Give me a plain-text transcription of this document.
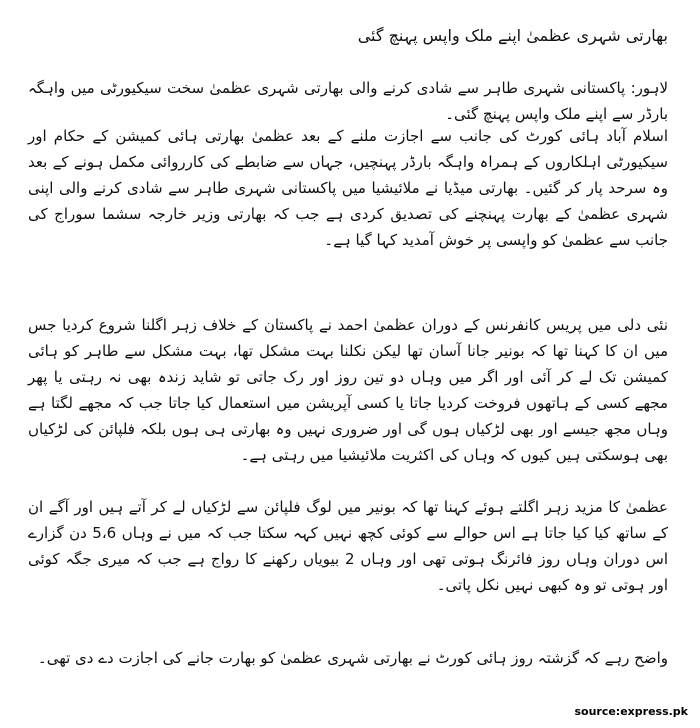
بھارتی شہری عظمیٰ اپنے ملک واپس پہنچ گئی

لاہور: پاکستانی شہری طاہر سے شادی کرنے والی بھارتی شہری عظمیٰ سخت سیکیورٹی میں واہگہ بارڈر سے اپنے ملک واپس پہنچ گئی۔

اسلام آباد ہائی کورٹ کی جانب سے اجازت ملنے کے بعد عظمیٰ بھارتی ہائی کمیشن کے حکام اور سیکیورٹی اہلکاروں کے ہمراہ واہگہ بارڈر پہنچیں، جہاں سے ضابطے کی کارروائی مکمل ہونے کے بعد وہ سرحد پار کر گئیں۔ بھارتی میڈیا نے ملائیشیا میں پاکستانی شہری طاہر سے شادی کرنے والی اپنی شہری عظمیٰ کے بھارت پہنچنے کی تصدیق کردی ہے جب کہ بھارتی وزیر خارجہ سشما سوراج کی جانب سے عظمیٰ کو واپسی پر خوش آمدید کہا گیا ہے۔

نئی دلی میں پریس کانفرنس کے دوران عظمیٰ احمد نے پاکستان کے خلاف زہر اگلنا شروع کردیا جس میں ان کا کہنا تھا کہ بونیر جانا آسان تھا لیکن نکلنا بہت مشکل تھا، بہت مشکل سے طاہر کو ہائی کمیشن تک لے کر آئی اور اگر میں وہاں دو تین روز اور رک جاتی تو شاید زندہ بھی نہ رہتی یا پھر مجھے کسی کے ہاتھوں فروخت کردیا جاتا یا کسی آپریشن میں استعمال کیا جاتا جب کہ مجھے لگتا ہے وہاں مجھ جیسے اور بھی لڑکیاں ہوں گی اور ضروری نہیں وہ بھارتی ہی ہوں بلکہ فلپائن کی لڑکیاں بھی ہوسکتی ہیں کیوں کہ وہاں کی اکثریت ملائیشیا میں رہتی ہے۔

عظمیٰ کا مزید زہر اگلتے ہوئے کہنا تھا کہ بونیر میں لوگ فلپائن سے لڑکیاں لے کر آتے ہیں اور آگے ان کے ساتھ کیا کیا جاتا ہے اس حوالے سے کوئی کچھ نہیں کہہ سکتا جب کہ میں نے وہاں 5،6 دن گزارے اس دوران وہاں روز فائرنگ ہوتی تھی اور وہاں 2 بیویاں رکھنے کا رواج ہے جب کہ میری جگہ کوئی اور ہوتی تو وہ کبھی نہیں نکل پاتی۔

واضح رہے کہ گزشتہ روز ہائی کورٹ نے بھارتی شہری عظمیٰ کو بھارت جانے کی اجازت دے دی تھی۔

source:express.pk
